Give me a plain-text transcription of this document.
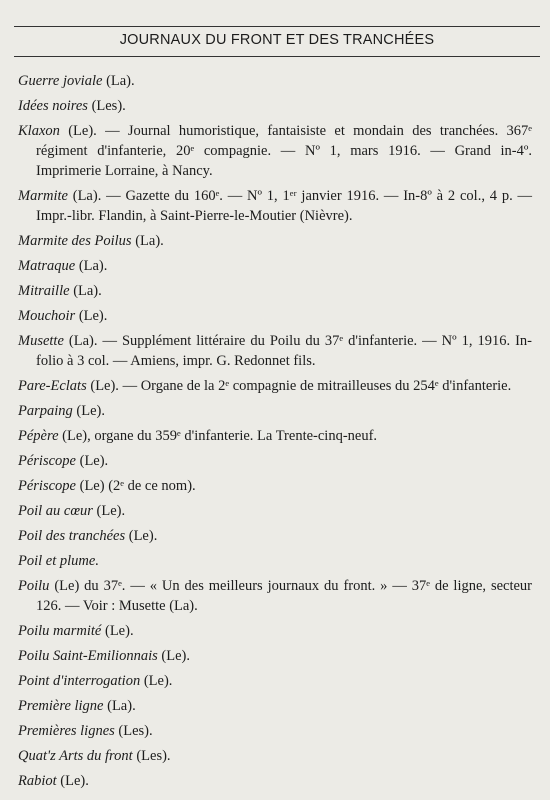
JOURNAUX DU FRONT ET DES TRANCHÉES
Guerre joviale (La).
Idées noires (Les).
Klaxon (Le). — Journal humoristique, fantaisiste et mondain des tranchées. 367ᵉ régiment d'infanterie, 20ᵉ compagnie. — Nº 1, mars 1916. — Grand in-4º. Imprimerie Lorraine, à Nancy.
Marmite (La). — Gazette du 160ᵉ. — Nº 1, 1ᵉʳ janvier 1916. — In-8º à 2 col., 4 p. — Impr.-libr. Flandin, à Saint-Pierre-le-Moutier (Nièvre).
Marmite des Poilus (La).
Matraque (La).
Mitraille (La).
Mouchoir (Le).
Musette (La). — Supplément littéraire du Poilu du 37ᵉ d'infanterie. — Nº 1, 1916. In-folio à 3 col. — Amiens, impr. G. Redonnet fils.
Pare-Eclats (Le). — Organe de la 2ᵉ compagnie de mitrailleuses du 254ᵉ d'infanterie.
Parpaing (Le).
Pépère (Le), organe du 359ᵉ d'infanterie. La Trente-cinq-neuf.
Périscope (Le).
Périscope (Le) (2ᵉ de ce nom).
Poil au cœur (Le).
Poil des tranchées (Le).
Poil et plume.
Poilu (Le) du 37ᵉ. — « Un des meilleurs journaux du front. » — 37ᵉ de ligne, secteur 126. — Voir : Musette (La).
Poilu marmité (Le).
Poilu Saint-Emilionnais (Le).
Point d'interrogation (Le).
Première ligne (La).
Premières lignes (Les).
Quat'z Arts du front (Les).
Rabiot (Le).
